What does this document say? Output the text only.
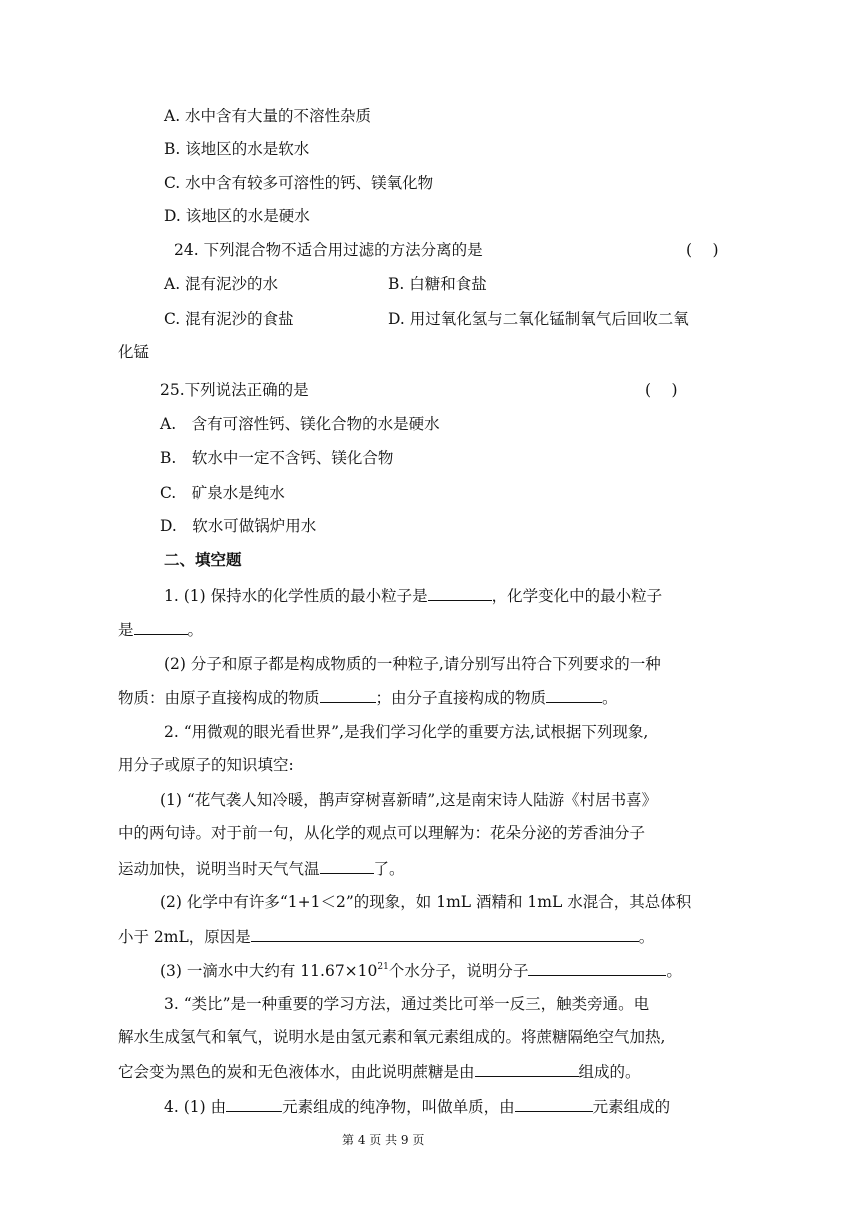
A. 水中含有大量的不溶性杂质
B. 该地区的水是软水
C. 水中含有较多可溶性的钙、镁氧化物
D. 该地区的水是硬水
24. 下列混合物不适合用过滤的方法分离的是	(　 )
A. 混有泥沙的水	B. 白糖和食盐
C. 混有泥沙的食盐	D. 用过氧化氢与二氧化锰制氧气后回收二氧
化锰
25.下列说法正确的是	(　 )
A.　含有可溶性钙、镁化合物的水是硬水
B.　软水中一定不含钙、镁化合物
C.　矿泉水是纯水
D.　软水可做锅炉用水
二、填空题
1. (1) 保持水的化学性质的最小粒子是	，化学变化中的最小粒子
是	。
(2) 分子和原子都是构成物质的一种粒子,请分别写出符合下列要求的一种
物质：由原子直接构成的物质	；由分子直接构成的物质	。
2. “用微观的眼光看世界”,是我们学习化学的重要方法,试根据下列现象,
用分子或原子的知识填空:
(1) “花气袭人知冷暖，鹊声穿树喜新晴”,这是南宋诗人陆游《村居书喜》
中的两句诗。对于前一句，从化学的观点可以理解为：花朵分泌的芳香油分子
运动加快，说明当时天气气温	了。
(2) 化学中有许多“1+1＜2”的现象，如 1mL 酒精和 1mL 水混合，其总体积
小于 2mL，原因是	。
(3) 一滴水中大约有 $11.67\times 10^{21}$个水分子，说明分子	。
3. “类比”是一种重要的学习方法，通过类比可举一反三，触类旁通。电
解水生成氢气和氧气，说明水是由氢元素和氧元素组成的。将蔗糖隔绝空气加热,
它会变为黑色的炭和无色液体水，由此说明蔗糖是由	组成的。
4. (1) 由	元素组成的纯净物，叫做单质，由	元素组成的
第 4 页 共 9 页
